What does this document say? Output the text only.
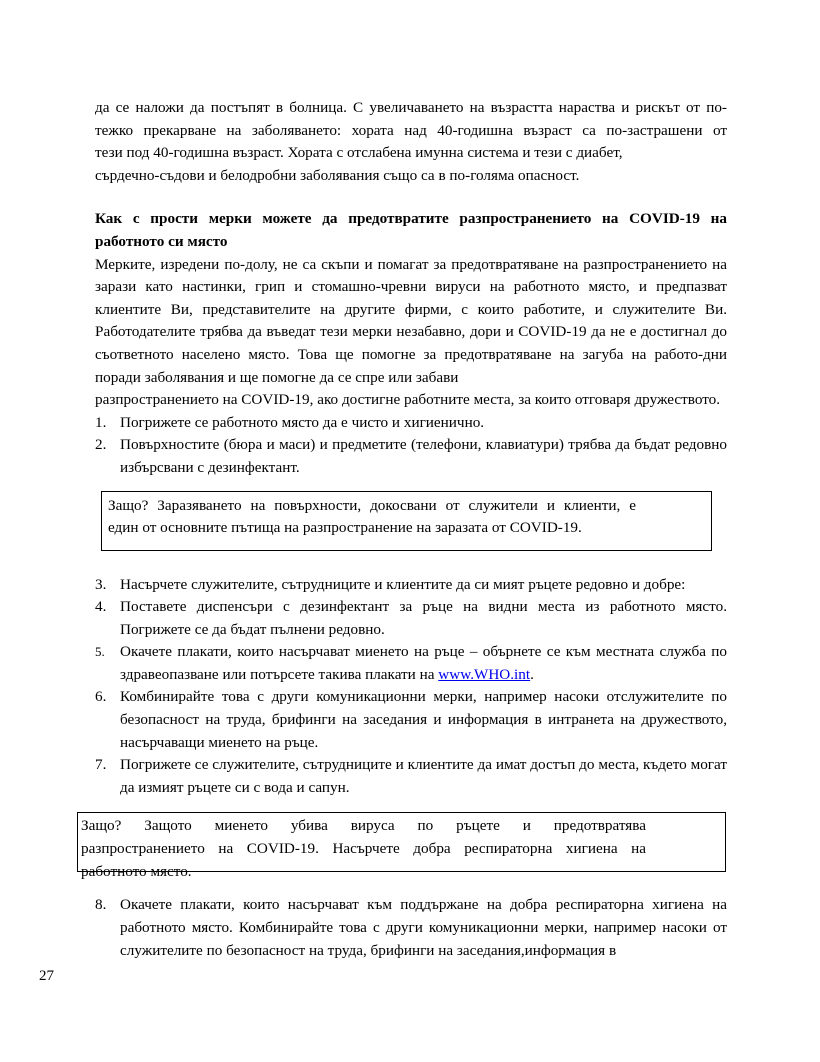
да се наложи да постъпят в болница. С увеличаването на възрастта нараства и рискът от по-

тежко прекарване на заболяването: хората над 40-годишна възраст са по-застрашени от

тези под 40-годишна възраст. Хората с отслабена имунна система и тези с диабет,

сърдечно-съдови и белодробни заболявания също са в по-голяма опасност.

Как с прости мерки можете да предотвратите разпространението на COVID-19 на работното си място

Мерките, изредени по-долу, не са скъпи и помагат за предотвратяване на разпространението на зарази като настинки, грип и стомашно-чревни вируси на работното място, и предпазват клиентите Ви, представителите на другите фирми, с които работите, и служителите Ви. Работодателите трябва да въведат тези мерки незабавно, дори и COVID-19 да не е достигнал до съответното населено място. Това ще помогне за предотвратяване на загуба на работо-дни поради заболявания и ще помогне да се спре или забави
разпространението на COVID-19, ако достигне работните места, за които отговаря дружеството.

1. Погрижете се работното място да е чисто и хигиенично.
2. Повърхностите (бюра и маси) и предметите (телефони, клавиатури) трябва да бъдат редовно избърсвани с дезинфектант.

Защо? Заразяването на повърхности, докосвани от служители и клиенти, е

един от основните пътища на разпространение на заразата от COVID-19.

3. Насърчете служителите, сътрудниците и клиентите да си мият ръцете редовно и добре:
4. Поставете диспенсъри с дезинфектант за ръце на видни места из работното място. Погрижете се да бъдат пълнени редовно.
5. Окачете плакати, които насърчават миенето на ръце – обърнете се към местната служба по здравеопазване или потърсете такива плакати на www.WHO.int.
6. Комбинирайте това с други комуникационни мерки, например насоки отслужителите по безопасност на труда, брифинги на заседания и информация в интранета на дружеството, насърчаващи миенето на ръце.
7. Погрижете се служителите, сътрудниците и клиентите да имат достъп до места, където могат да измият ръцете си с вода и сапун.

Защо? Защото миенето убива вируса по ръцете и предотвратява

разпространението на COVID-19. Насърчете добра респираторна хигиена на

работното място.

8. Окачете плакати, които насърчават към поддържане на добра респираторна хигиена на работното място. Комбинирайте това с други комуникационни мерки, например насоки от служителите по безопасност на труда, брифинги на заседания,информация в
27
